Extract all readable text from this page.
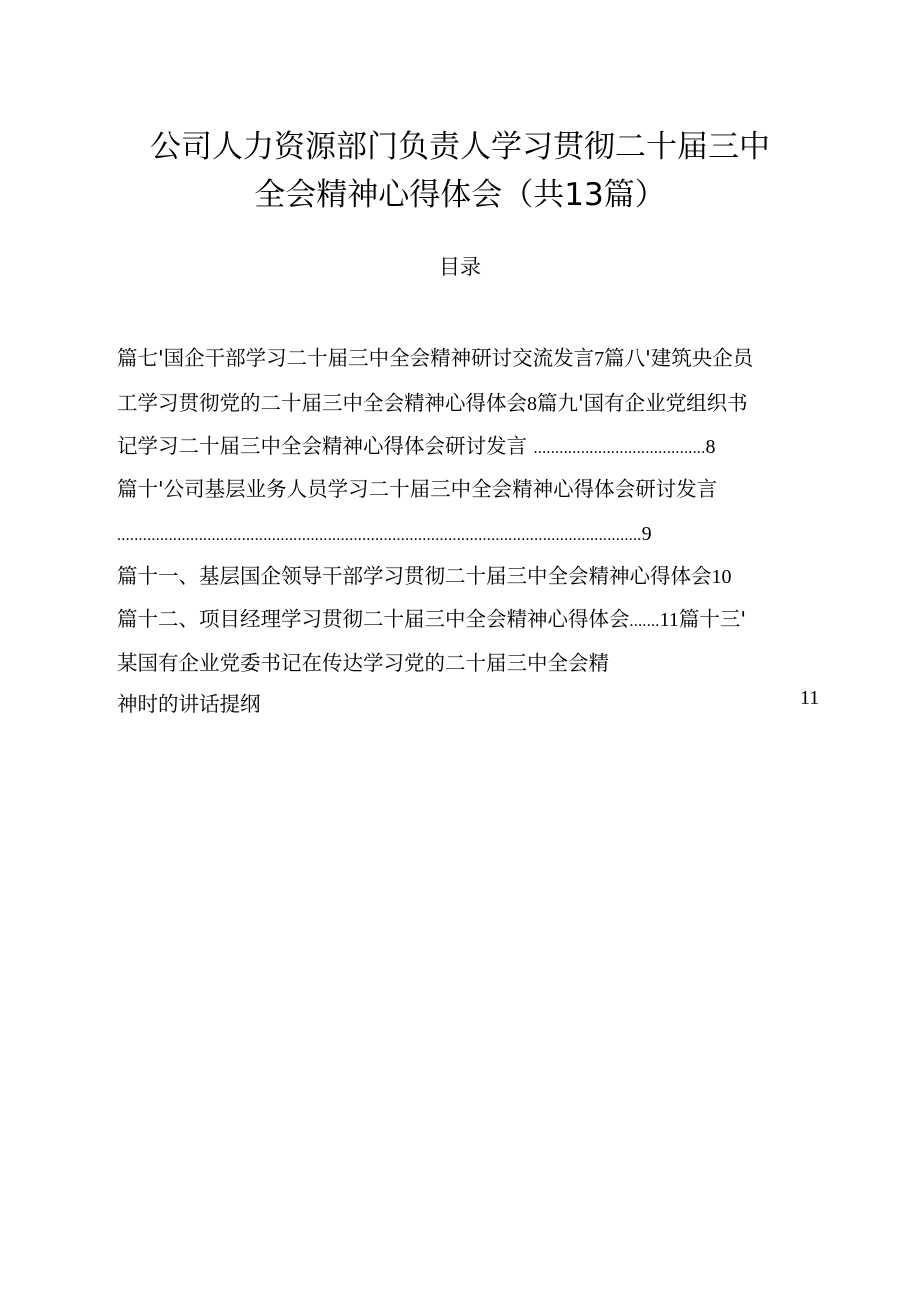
公司人力资源部门负责人学习贯彻二十届三中
全会精神心得体会（共13篇）
目录
篇七'国企干部学习二十届三中全会精神研讨交流发言7篇八'建筑央企员
工学习贯彻党的二十届三中全会精神心得体会8篇九'国有企业党组织书
记学习二十届三中全会精神心得体会研讨发言 ........................................8
篇十'公司基层业务人员学习二十届三中全会精神心得体会研讨发言
..........................................................................................................................9
篇十一、基层国企领导干部学习贯彻二十届三中全会精神心得体会10
篇十二、项目经理学习贯彻二十届三中全会精神心得体会.......11篇十三'
某国有企业党委书记在传达学习党的二十届三中全会精
神时的讲话提纲	11
